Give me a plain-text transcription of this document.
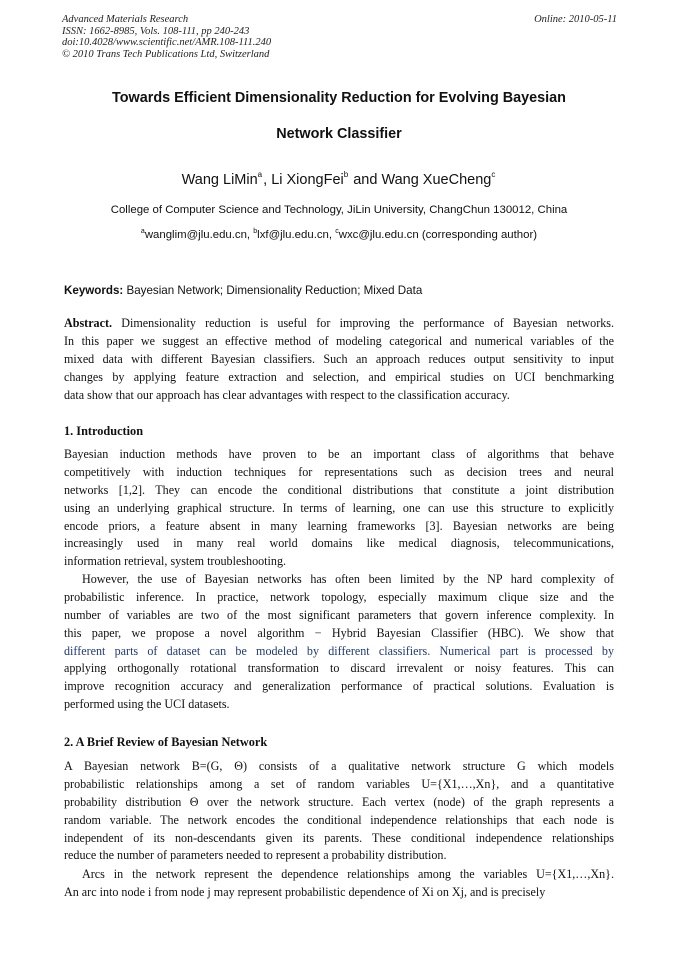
Advanced Materials Research	Online: 2010-05-11
ISSN: 1662-8985, Vols. 108-111, pp 240-243
doi:10.4028/www.scientific.net/AMR.108-111.240
© 2010 Trans Tech Publications Ltd, Switzerland
Towards Efficient Dimensionality Reduction for Evolving Bayesian
Network Classifier
Wang LiMin$^a$, Li XiongFei$^b$ and Wang XueCheng$^c$
College of Computer Science and Technology, JiLin University, ChangChun 130012, China
$^a$wanglim@jlu.edu.cn, $^b$lxf@jlu.edu.cn, $^c$wxc@jlu.edu.cn (corresponding author)
Keywords: Bayesian Network; Dimensionality Reduction; Mixed Data
Abstract. Dimensionality reduction is useful for improving the performance of Bayesian networks.
In this paper we suggest an effective method of modeling categorical and numerical variables of the
mixed data with different Bayesian classifiers. Such an approach reduces output sensitivity to input
changes by applying feature extraction and selection, and empirical studies on UCI benchmarking
data show that our approach has clear advantages with respect to the classification accuracy.
1. Introduction
Bayesian induction methods have proven to be an important class of algorithms that behave
competitively with induction techniques for representations such as decision trees and neural
networks [1,2]. They can encode the conditional distributions that constitute a joint distribution
using an underlying graphical structure. In terms of learning, one can use this structure to explicitly
encode priors, a feature absent in many learning frameworks [3]. Bayesian networks are being
increasingly used in many real world domains like medical diagnosis, telecommunications,
information retrieval, system troubleshooting.
However, the use of Bayesian networks has often been limited by the NP hard complexity of
probabilistic inference. In practice, network topology, especially maximum clique size and the
number of variables are two of the most significant parameters that govern inference complexity. In
this paper, we propose a novel algorithm − Hybrid Bayesian Classifier (HBC). We show that
different parts of dataset can be modeled by different classifiers. Numerical part is processed by
applying orthogonally rotational transformation to discard irrevalent or noisy features. This can
improve recognition accuracy and generalization performance of practical solutions. Evaluation is
performed using the UCI datasets.
2. A Brief Review of Bayesian Network
A Bayesian network B=(G, Θ) consists of a qualitative network structure G which models
probabilistic relationships among a set of random variables U={X1,…,Xn}, and a quantitative
probability distribution Θ over the network structure. Each vertex (node) of the graph represents a
random variable. The network encodes the conditional independence relationships that each node is
independent of its non-descendants given its parents. These conditional independence relationships
reduce the number of parameters needed to represent a probability distribution.
Arcs in the network represent the dependence relationships among the variables U={X1,…,Xn}.
An arc into node i from node j may represent probabilistic dependence of Xi on Xj, and is precisely
